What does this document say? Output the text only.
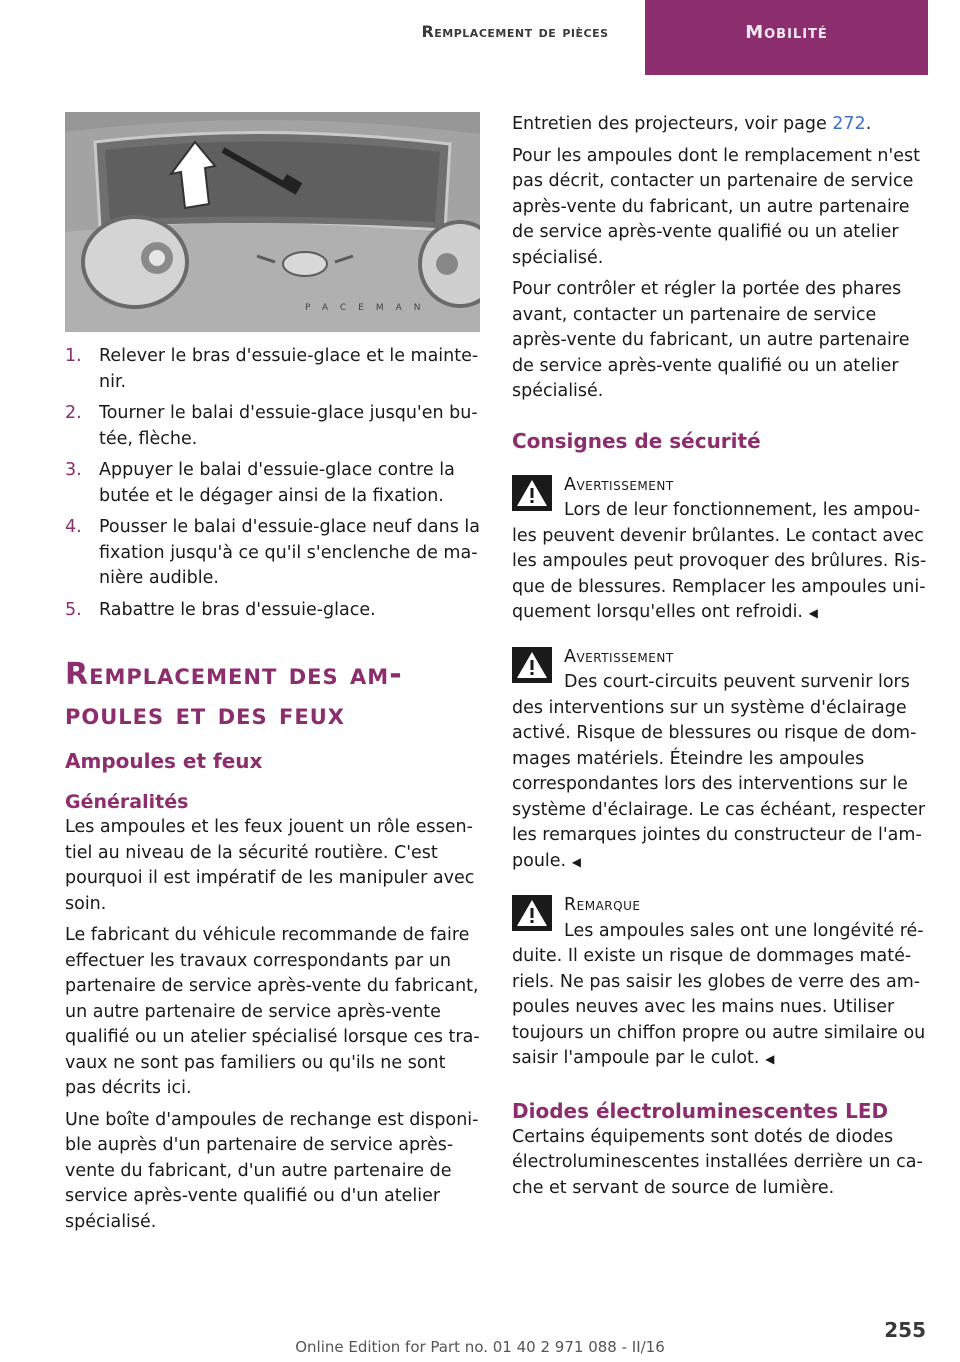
Remplacement de pièces	Mobilité
PACEMAN
1. Relever le bras d'essuie-glace et le maintenir.
2. Tourner le balai d'essuie-glace jusqu'en butée, flèche.
3. Appuyer le balai d'essuie-glace contre la butée et le dégager ainsi de la fixation.
4. Pousser le balai d'essuie-glace neuf dans la fixation jusqu'à ce qu'il s'enclenche de manière audible.
5. Rabattre le bras d'essuie-glace.
Remplacement des ampoules et des feux
Ampoules et feux
Généralités

Les ampoules et les feux jouent un rôle essentiel au niveau de la sécurité routière. C'est pourquoi il est impératif de les manipuler avec soin.

Le fabricant du véhicule recommande de faire effectuer les travaux correspondants par un partenaire de service après-vente du fabricant, un autre partenaire de service après-vente qualifié ou un atelier spécialisé lorsque ces travaux ne sont pas familiers ou qu'ils ne sont pas décrits ici.

Une boîte d'ampoules de rechange est disponible auprès d'un partenaire de service après-vente du fabricant, d'un autre partenaire de service après-vente qualifié ou d'un atelier spécialisé.

Entretien des projecteurs, voir page 272.

Pour les ampoules dont le remplacement n'est pas décrit, contacter un partenaire de service après-vente du fabricant, un autre partenaire de service après-vente qualifié ou un atelier spécialisé.

Pour contrôler et régler la portée des phares avant, contacter un partenaire de service après-vente du fabricant, un autre partenaire de service après-vente qualifié ou un atelier spécialisé.

Consignes de sécurité
Avertissement
Lors de leur fonctionnement, les ampoules peuvent devenir brûlantes. Le contact avec les ampoules peut provoquer des brûlures. Risque de blessures. Remplacer les ampoules uniquement lorsqu'elles ont refroidi. ◀
Avertissement
Des court-circuits peuvent survenir lors des interventions sur un système d'éclairage activé. Risque de blessures ou risque de dommages matériels. Éteindre les ampoules correspondantes lors des interventions sur le système d'éclairage. Le cas échéant, respecter les remarques jointes du constructeur de l'ampoule. ◀
Remarque
Les ampoules sales ont une longévité réduite. Il existe un risque de dommages matériels. Ne pas saisir les globes de verre des ampoules neuves avec les mains nues. Utiliser toujours un chiffon propre ou autre similaire ou saisir l'ampoule par le culot. ◀
Diodes électroluminescentes LED

Certains équipements sont dotés de diodes électroluminescentes installées derrière un cache et servant de source de lumière.

255
Online Edition for Part no. 01 40 2 971 088 - II/16
